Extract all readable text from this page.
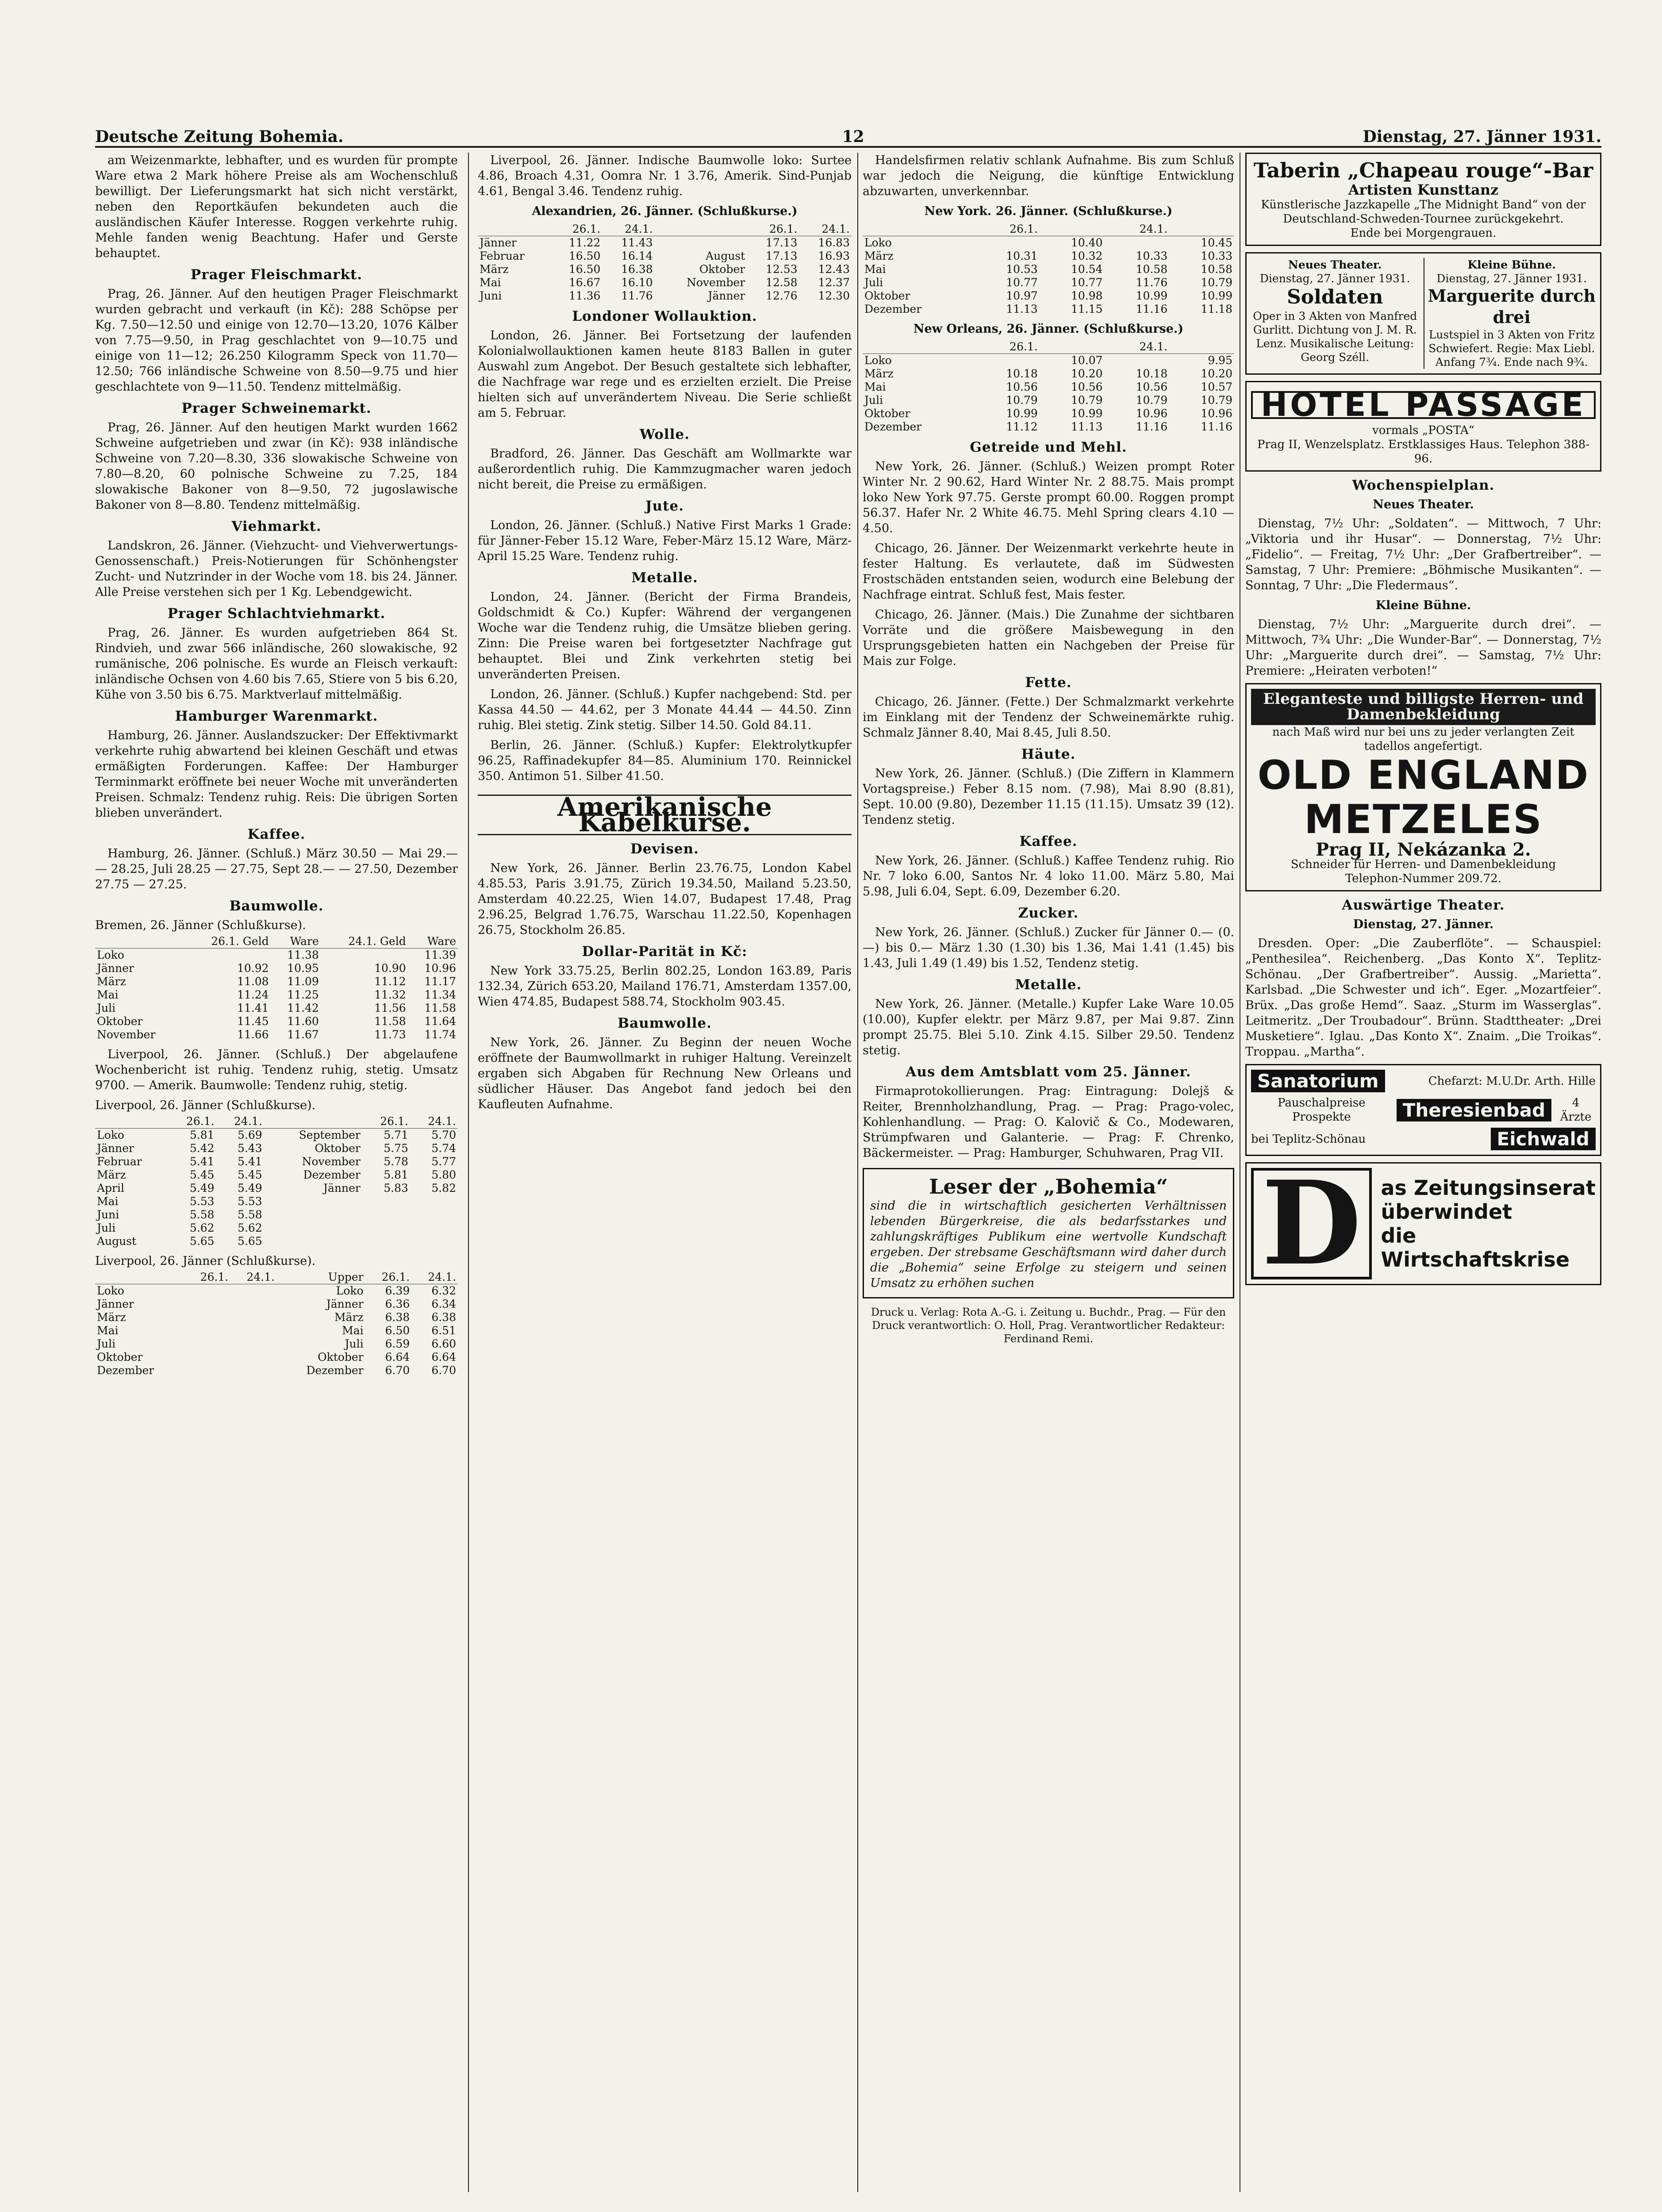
Deutsche Zeitung Bohemia.	12	Dienstag, 27. Jänner 1931.

am Weizenmarkte, lebhafter, und es wurden für prompte Ware etwa 2 Mark höhere Preise als am Wochenschluß bewilligt. Der Lieferungsmarkt hat sich nicht verstärkt, neben den Reportkäufen bekundeten auch die ausländischen Käufer Interesse. Roggen verkehrte ruhig. Mehle fanden wenig Beachtung. Hafer und Gerste behauptet.

Prager Fleischmarkt.

Prag, 26. Jänner. Auf den heutigen Prager Fleischmarkt wurden gebracht und verkauft (in Kč): 288 Schöpse per Kg. 7.50—12.50 und einige von 12.70—13.20, 1076 Kälber von 7.75—9.50, in Prag geschlachtet von 9—10.75 und einige von 11—12; 26.250 Kilogramm Speck von 11.70—12.50; 766 inländische Schweine von 8.50—9.75 und hier geschlachtete von 9—11.50. Tendenz mittelmäßig.

Prager Schweinemarkt.

Prag, 26. Jänner. Auf den heutigen Markt wurden 1662 Schweine aufgetrieben und zwar (in Kč): 938 inländische Schweine von 7.20—8.30, 336 slowakische Schweine von 7.80—8.20, 60 polnische Schweine zu 7.25, 184 slowakische Bakoner von 8—9.50, 72 jugoslawische Bakoner von 8—8.80. Tendenz mittelmäßig.

Viehmarkt.

Landskron, 26. Jänner. (Viehzucht- und Viehverwertungs-Genossenschaft.) Preis-Notierungen für Schönhengster Zucht- und Nutzrinder in der Woche vom 18. bis 24. Jänner. Alle Preise verstehen sich per 1 Kg. Lebendgewicht.

Prager Schlachtviehmarkt.

Prag, 26. Jänner. Es wurden aufgetrieben 864 St. Rindvieh, und zwar 566 inländische, 260 slowakische, 92 rumänische, 206 polnische. Es wurde an Fleisch verkauft: inländische Ochsen von 4.60 bis 7.65, Stiere von 5 bis 6.20, Kühe von 3.50 bis 6.75. Marktverlauf mittelmäßig.

Hamburger Warenmarkt.

Hamburg, 26. Jänner. Auslandszucker: Der Effektivmarkt verkehrte ruhig abwartend bei kleinen Geschäft und etwas ermäßigten Forderungen. Kaffee: Der Hamburger Terminmarkt eröffnete bei neuer Woche mit unveränderten Preisen. Schmalz: Tendenz ruhig. Reis: Die übrigen Sorten blieben unverändert.

Kaffee.

Hamburg, 26. Jänner. (Schluß.) März 30.50 — Mai 29.— — 28.25, Juli 28.25 — 27.75, Sept 28.— — 27.50, Dezember 27.75 — 27.25.

Baumwolle.
Bremen, 26. Jänner (Schlußkurse).
	26.1. Geld	Ware	24.1. Geld	Ware
Loko		11.38		11.39
Jänner	10.92	10.95	10.90	10.96
März	11.08	11.09	11.12	11.17
Mai	11.24	11.25	11.32	11.34
Juli	11.41	11.42	11.56	11.58
Oktober	11.45	11.60	11.58	11.64
November	11.66	11.67	11.73	11.74

Liverpool, 26. Jänner. (Schluß.) Der abgelaufene Wochenbericht ist ruhig. Tendenz ruhig, stetig. Umsatz 9700. — Amerik. Baumwolle: Tendenz ruhig, stetig.

Liverpool, 26. Jänner (Schlußkurse).
	26.1.	24.1.		26.1.	24.1.
Loko	5.81	5.69	September	5.71	5.70
Jänner	5.42	5.43	Oktober	5.75	5.74
Februar	5.41	5.41	November	5.78	5.77
März	5.45	5.45	Dezember	5.81	5.80
April	5.49	5.49	Jänner	5.83	5.82
Mai	5.53	5.53			
Juni	5.58	5.58			
Juli	5.62	5.62			
August	5.65	5.65			
Liverpool, 26. Jänner (Schlußkurse).
	26.1.	24.1.	Upper	26.1.	24.1.
Loko			Loko	6.39	6.32
Jänner			Jänner	6.36	6.34
März			März	6.38	6.38
Mai			Mai	6.50	6.51
Juli			Juli	6.59	6.60
Oktober			Oktober	6.64	6.64
Dezember			Dezember	6.70	6.70

Liverpool, 26. Jänner. Indische Baumwolle loko: Surtee 4.86, Broach 4.31, Oomra Nr. 1 3.76, Amerik. Sind-Punjab 4.61, Bengal 3.46. Tendenz ruhig.

Alexandrien, 26. Jänner. (Schlußkurse.)
	26.1.	24.1.		26.1.	24.1.
Jänner	11.22	11.43		17.13	16.83
Februar	16.50	16.14	August	17.13	16.93
März	16.50	16.38	Oktober	12.53	12.43
Mai	16.67	16.10	November	12.58	12.37
Juni	11.36	11.76	Jänner	12.76	12.30
Londoner Wollauktion.

London, 26. Jänner. Bei Fortsetzung der laufenden Kolonialwollauktionen kamen heute 8183 Ballen in guter Auswahl zum Angebot. Der Besuch gestaltete sich lebhafter, die Nachfrage war rege und es erzielten erzielt. Die Preise hielten sich auf unverändertem Niveau. Die Serie schließt am 5. Februar.

Wolle.

Bradford, 26. Jänner. Das Geschäft am Wollmarkte war außerordentlich ruhig. Die Kammzugmacher waren jedoch nicht bereit, die Preise zu ermäßigen.

Jute.

London, 26. Jänner. (Schluß.) Native First Marks 1 Grade: für Jänner-Feber 15.12 Ware, Feber-März 15.12 Ware, März-April 15.25 Ware. Tendenz ruhig.

Metalle.

London, 24. Jänner. (Bericht der Firma Brandeis, Goldschmidt & Co.) Kupfer: Während der vergangenen Woche war die Tendenz ruhig, die Umsätze blieben gering. Zinn: Die Preise waren bei fortgesetzter Nachfrage gut behauptet. Blei und Zink verkehrten stetig bei unveränderten Preisen.

London, 26. Jänner. (Schluß.) Kupfer nachgebend: Std. per Kassa 44.50 — 44.62, per 3 Monate 44.44 — 44.50. Zinn ruhig. Blei stetig. Zink stetig. Silber 14.50. Gold 84.11.

Berlin, 26. Jänner. (Schluß.) Kupfer: Elektrolytkupfer 96.25, Raffinadekupfer 84—85. Aluminium 170. Reinnickel 350. Antimon 51. Silber 41.50.

Amerikanische Kabelkurse.
Devisen.

New York, 26. Jänner. Berlin 23.76.75, London Kabel 4.85.53, Paris 3.91.75, Zürich 19.34.50, Mailand 5.23.50, Amsterdam 40.22.25, Wien 14.07, Budapest 17.48, Prag 2.96.25, Belgrad 1.76.75, Warschau 11.22.50, Kopenhagen 26.75, Stockholm 26.85.

Dollar-Parität in Kč:

New York 33.75.25, Berlin 802.25, London 163.89, Paris 132.34, Zürich 653.20, Mailand 176.71, Amsterdam 1357.00, Wien 474.85, Budapest 588.74, Stockholm 903.45.

Baumwolle.

New York, 26. Jänner. Zu Beginn der neuen Woche eröffnete der Baumwollmarkt in ruhiger Haltung. Vereinzelt ergaben sich Abgaben für Rechnung New Orleans und südlicher Häuser. Das Angebot fand jedoch bei den Kaufleuten Aufnahme.

Handelsfirmen relativ schlank Aufnahme. Bis zum Schluß war jedoch die Neigung, die künftige Entwicklung abzuwarten, unverkennbar.

New York. 26. Jänner. (Schlußkurse.)
	26.1.		24.1.	
Loko		10.40		10.45
März	10.31	10.32	10.33	10.33
Mai	10.53	10.54	10.58	10.58
Juli	10.77	10.77	11.76	10.79
Oktober	10.97	10.98	10.99	10.99
Dezember	11.13	11.15	11.16	11.18
New Orleans, 26. Jänner. (Schlußkurse.)
	26.1.		24.1.	
Loko		10.07		9.95
März	10.18	10.20	10.18	10.20
Mai	10.56	10.56	10.56	10.57
Juli	10.79	10.79	10.79	10.79
Oktober	10.99	10.99	10.96	10.96
Dezember	11.12	11.13	11.16	11.16
Getreide und Mehl.

New York, 26. Jänner. (Schluß.) Weizen prompt Roter Winter Nr. 2 90.62, Hard Winter Nr. 2 88.75. Mais prompt loko New York 97.75. Gerste prompt 60.00. Roggen prompt 56.37. Hafer Nr. 2 White 46.75. Mehl Spring clears 4.10 — 4.50.

Chicago, 26. Jänner. Der Weizenmarkt verkehrte heute in fester Haltung. Es verlautete, daß im Südwesten Frostschäden entstanden seien, wodurch eine Belebung der Nachfrage eintrat. Schluß fest, Mais fester.

Chicago, 26. Jänner. (Mais.) Die Zunahme der sichtbaren Vorräte und die größere Maisbewegung in den Ursprungsgebieten hatten ein Nachgeben der Preise für Mais zur Folge.

Fette.

Chicago, 26. Jänner. (Fette.) Der Schmalzmarkt verkehrte im Einklang mit der Tendenz der Schweinemärkte ruhig. Schmalz Jänner 8.40, Mai 8.45, Juli 8.50.

Häute.

New York, 26. Jänner. (Schluß.) (Die Ziffern in Klammern Vortagspreise.) Feber 8.15 nom. (7.98), Mai 8.90 (8.81), Sept. 10.00 (9.80), Dezember 11.15 (11.15). Umsatz 39 (12). Tendenz stetig.

Kaffee.

New York, 26. Jänner. (Schluß.) Kaffee Tendenz ruhig. Rio Nr. 7 loko 6.00, Santos Nr. 4 loko 11.00. März 5.80, Mai 5.98, Juli 6.04, Sept. 6.09, Dezember 6.20.

Zucker.

New York, 26. Jänner. (Schluß.) Zucker für Jänner 0.— (0.—) bis 0.— März 1.30 (1.30) bis 1.36, Mai 1.41 (1.45) bis 1.43, Juli 1.49 (1.49) bis 1.52, Tendenz stetig.

Metalle.

New York, 26. Jänner. (Metalle.) Kupfer Lake Ware 10.05 (10.00), Kupfer elektr. per März 9.87, per Mai 9.87. Zinn prompt 25.75. Blei 5.10. Zink 4.15. Silber 29.50. Tendenz stetig.

Aus dem Amtsblatt vom 25. Jänner.

Firmaprotokollierungen. Prag: Eintragung: Dolejš & Reiter, Brennholzhandlung, Prag. — Prag: Prago-volec, Kohlenhandlung. — Prag: O. Kalovič & Co., Modewaren, Strümpfwaren und Galanterie. — Prag: F. Chrenko, Bäckermeister. — Prag: Hamburger, Schuhwaren, Prag VII.

Leser der „Bohemia“
sind die in wirtschaftlich gesicherten Verhältnissen lebenden Bürgerkreise, die als bedarfsstarkes und zahlungskräftiges Publikum eine wertvolle Kundschaft ergeben. Der strebsame Geschäftsmann wird daher durch die „Bohemia“ seine Erfolge zu steigern und seinen Umsatz zu erhöhen suchen
Druck u. Verlag: Rota A.-G. i. Zeitung u. Buchdr., Prag. — Für den Druck verantwortlich: O. Holl, Prag. Verantwortlicher Redakteur: Ferdinand Remi.
Taberin „Chapeau rouge“-Bar
Artisten Kunsttanz
Künstlerische Jazzkapelle „The Midnight Band“ von der Deutschland-Schweden-Tournee zurückgekehrt.
Ende bei Morgengrauen.
Neues Theater.
Dienstag, 27. Jänner 1931.
Soldaten
Oper in 3 Akten von Manfred Gurlitt. Dichtung von J. M. R. Lenz. Musikalische Leitung: Georg Széll.
Kleine Bühne.
Dienstag, 27. Jänner 1931.
Marguerite durch drei
Lustspiel in 3 Akten von Fritz Schwiefert. Regie: Max Liebl. Anfang 7¾. Ende nach 9¾.
HOTEL PASSAGE
vormals „POSTA“
Prag II, Wenzelsplatz. Erstklassiges Haus. Telephon 388-96.
Wochenspielplan.
Neues Theater.

Dienstag, 7½ Uhr: „Soldaten“. — Mittwoch, 7 Uhr: „Viktoria und ihr Husar“. — Donnerstag, 7½ Uhr: „Fidelio“. — Freitag, 7½ Uhr: „Der Grafbertreiber“. — Samstag, 7 Uhr: Premiere: „Böhmische Musikanten“. — Sonntag, 7 Uhr: „Die Fledermaus“.

Kleine Bühne.

Dienstag, 7½ Uhr: „Marguerite durch drei“. — Mittwoch, 7¾ Uhr: „Die Wunder-Bar“. — Donnerstag, 7½ Uhr: „Marguerite durch drei“. — Samstag, 7½ Uhr: Premiere: „Heiraten verboten!“

Eleganteste und billigste Herren- und Damenbekleidung
nach Maß wird nur bei uns zu jeder verlangten Zeit tadellos angefertigt.
OLD ENGLAND METZELES
Prag II, Nekázanka 2.
Schneider für Herren- und Damenbekleidung
Telephon-Nummer 209.72.
Auswärtige Theater.
Dienstag, 27. Jänner.

Dresden. Oper: „Die Zauberflöte“. — Schauspiel: „Penthesilea“. Reichenberg. „Das Konto X“. Teplitz-Schönau. „Der Grafbertreiber“. Aussig. „Marietta“. Karlsbad. „Die Schwester und ich“. Eger. „Mozartfeier“. Brüx. „Das große Hemd“. Saaz. „Sturm im Wasserglas“. Leitmeritz. „Der Troubadour“. Brünn. Stadttheater: „Drei Musketiere“. Iglau. „Das Konto X“. Znaim. „Die Troikas“. Troppau. „Martha“.

Sanatorium	Chefarzt: M.U.Dr. Arth. Hille
Pauschalpreise Prospekte	Theresienbad	4 Ärzte
bei Teplitz-Schönau	Eichwald
D as Zeitungsinserat
überwindet
die Wirtschaftskrise
